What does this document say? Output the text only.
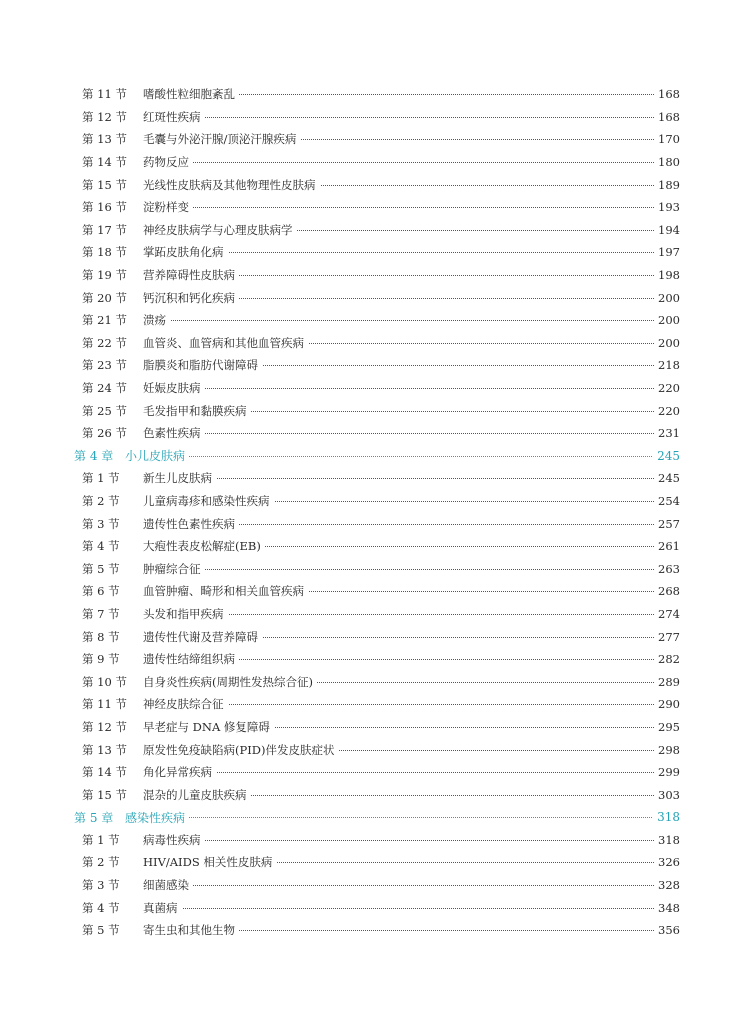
第 11 节 嗜酸性粒细胞紊乱	168
第 12 节 红斑性疾病	168
第 13 节 毛囊与外泌汗腺/顶泌汗腺疾病	170
第 14 节 药物反应	180
第 15 节 光线性皮肤病及其他物理性皮肤病	189
第 16 节 淀粉样变	193
第 17 节 神经皮肤病学与心理皮肤病学	194
第 18 节 掌跖皮肤角化病	197
第 19 节 营养障碍性皮肤病	198
第 20 节 钙沉积和钙化疾病	200
第 21 节 溃疡	200
第 22 节 血管炎、血管病和其他血管疾病	200
第 23 节 脂膜炎和脂肪代谢障碍	218
第 24 节 妊娠皮肤病	220
第 25 节 毛发指甲和黏膜疾病	220
第 26 节 色素性疾病	231
第 4 章 小儿皮肤病	245
第 1 节 新生儿皮肤病	245
第 2 节 儿童病毒疹和感染性疾病	254
第 3 节 遗传性色素性疾病	257
第 4 节 大疱性表皮松解症(EB)	261
第 5 节 肿瘤综合征	263
第 6 节 血管肿瘤、畸形和相关血管疾病	268
第 7 节 头发和指甲疾病	274
第 8 节 遗传性代谢及营养障碍	277
第 9 节 遗传性结缔组织病	282
第 10 节 自身炎性疾病(周期性发热综合征)	289
第 11 节 神经皮肤综合征	290
第 12 节 早老症与 DNA 修复障碍	295
第 13 节 原发性免疫缺陷病(PID)伴发皮肤症状	298
第 14 节 角化异常疾病	299
第 15 节 混杂的儿童皮肤疾病	303
第 5 章 感染性疾病	318
第 1 节 病毒性疾病	318
第 2 节 HIV/AIDS 相关性皮肤病	326
第 3 节 细菌感染	328
第 4 节 真菌病	348
第 5 节 寄生虫和其他生物	356
